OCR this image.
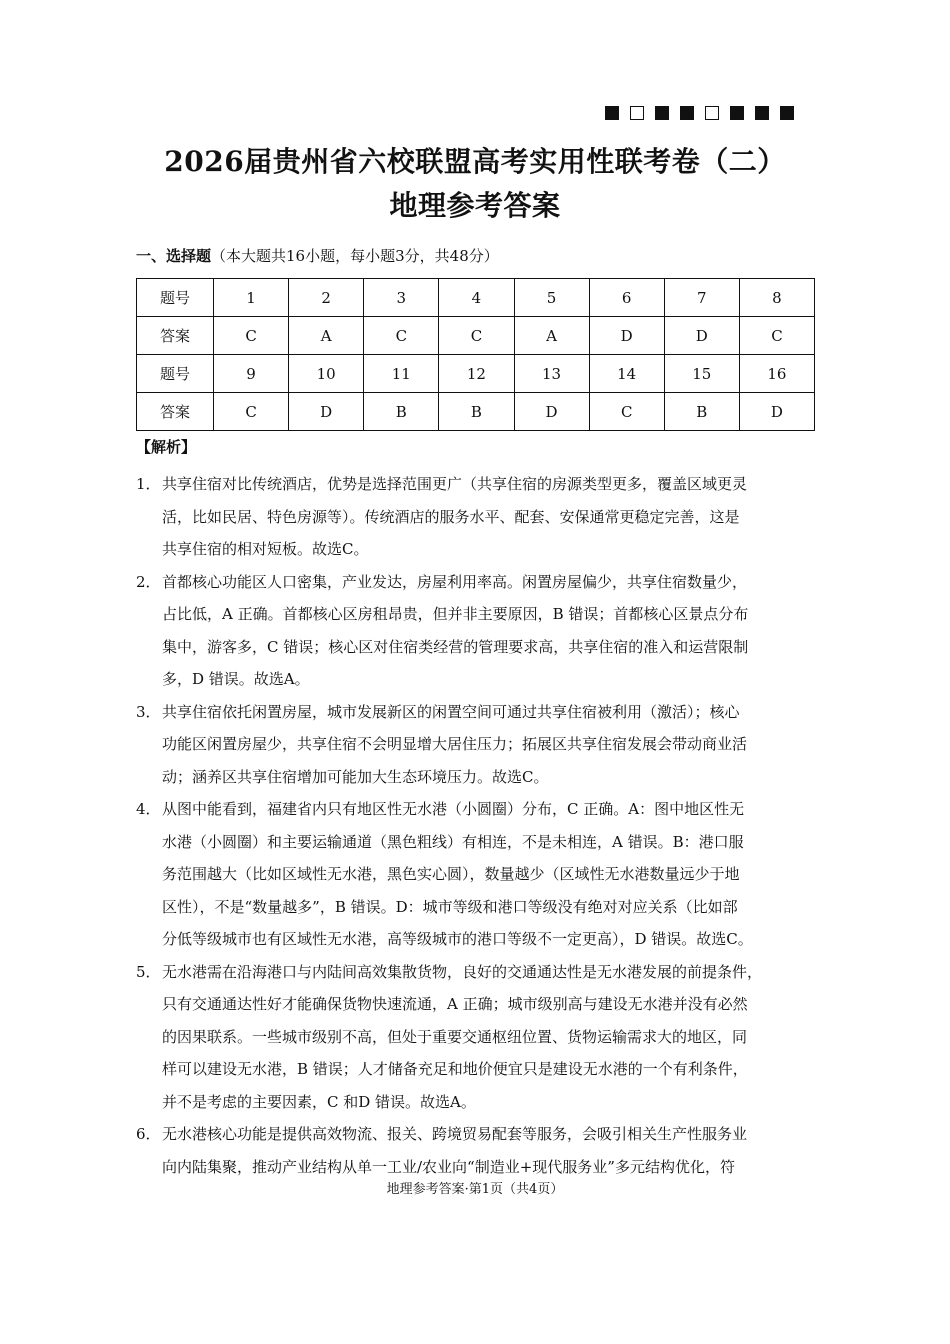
2026届贵州省六校联盟高考实用性联考卷（二）
地理参考答案
一、选择题（本大题共16小题，每小题3分，共48分）
题号	1	2	3	4	5	6	7	8
答案	C	A	C	C	A	D	D	C
题号	9	10	11	12	13	14	15	16
答案	C	D	B	B	D	C	B	D
【解析】
1． 共享住宿对比传统酒店，优势是选择范围更广（共享住宿的房源类型更多，覆盖区域更灵
活，比如民居、特色房源等）。传统酒店的服务水平、配套、安保通常更稳定完善，这是
共享住宿的相对短板。故选C。
2． 首都核心功能区人口密集，产业发达，房屋利用率高。闲置房屋偏少，共享住宿数量少，
占比低，A 正确。首都核心区房租昂贵，但并非主要原因，B 错误；首都核心区景点分布
集中，游客多，C 错误；核心区对住宿类经营的管理要求高，共享住宿的准入和运营限制
多，D 错误。故选A。
3． 共享住宿依托闲置房屋，城市发展新区的闲置空间可通过共享住宿被利用（激活）；核心
功能区闲置房屋少，共享住宿不会明显增大居住压力；拓展区共享住宿发展会带动商业活
动；涵养区共享住宿增加可能加大生态环境压力。故选C。
4． 从图中能看到，福建省内只有地区性无水港（小圆圈）分布，C 正确。A：图中地区性无
水港（小圆圈）和主要运输通道（黑色粗线）有相连，不是未相连，A 错误。B：港口服
务范围越大（比如区域性无水港，黑色实心圆），数量越少（区域性无水港数量远少于地
区性），不是“数量越多”，B 错误。D：城市等级和港口等级没有绝对对应关系（比如部
分低等级城市也有区域性无水港，高等级城市的港口等级不一定更高），D 错误。故选C。
5． 无水港需在沿海港口与内陆间高效集散货物，良好的交通通达性是无水港发展的前提条件，
只有交通通达性好才能确保货物快速流通，A 正确；城市级别高与建设无水港并没有必然
的因果联系。一些城市级别不高，但处于重要交通枢纽位置、货物运输需求大的地区，同
样可以建设无水港，B 错误；人才储备充足和地价便宜只是建设无水港的一个有利条件，
并不是考虑的主要因素，C 和D 错误。故选A。
6． 无水港核心功能是提供高效物流、报关、跨境贸易配套等服务，会吸引相关生产性服务业
向内陆集聚，推动产业结构从单一工业/农业向“制造业+现代服务业”多元结构优化，符
地理参考答案·第1页（共4页）
